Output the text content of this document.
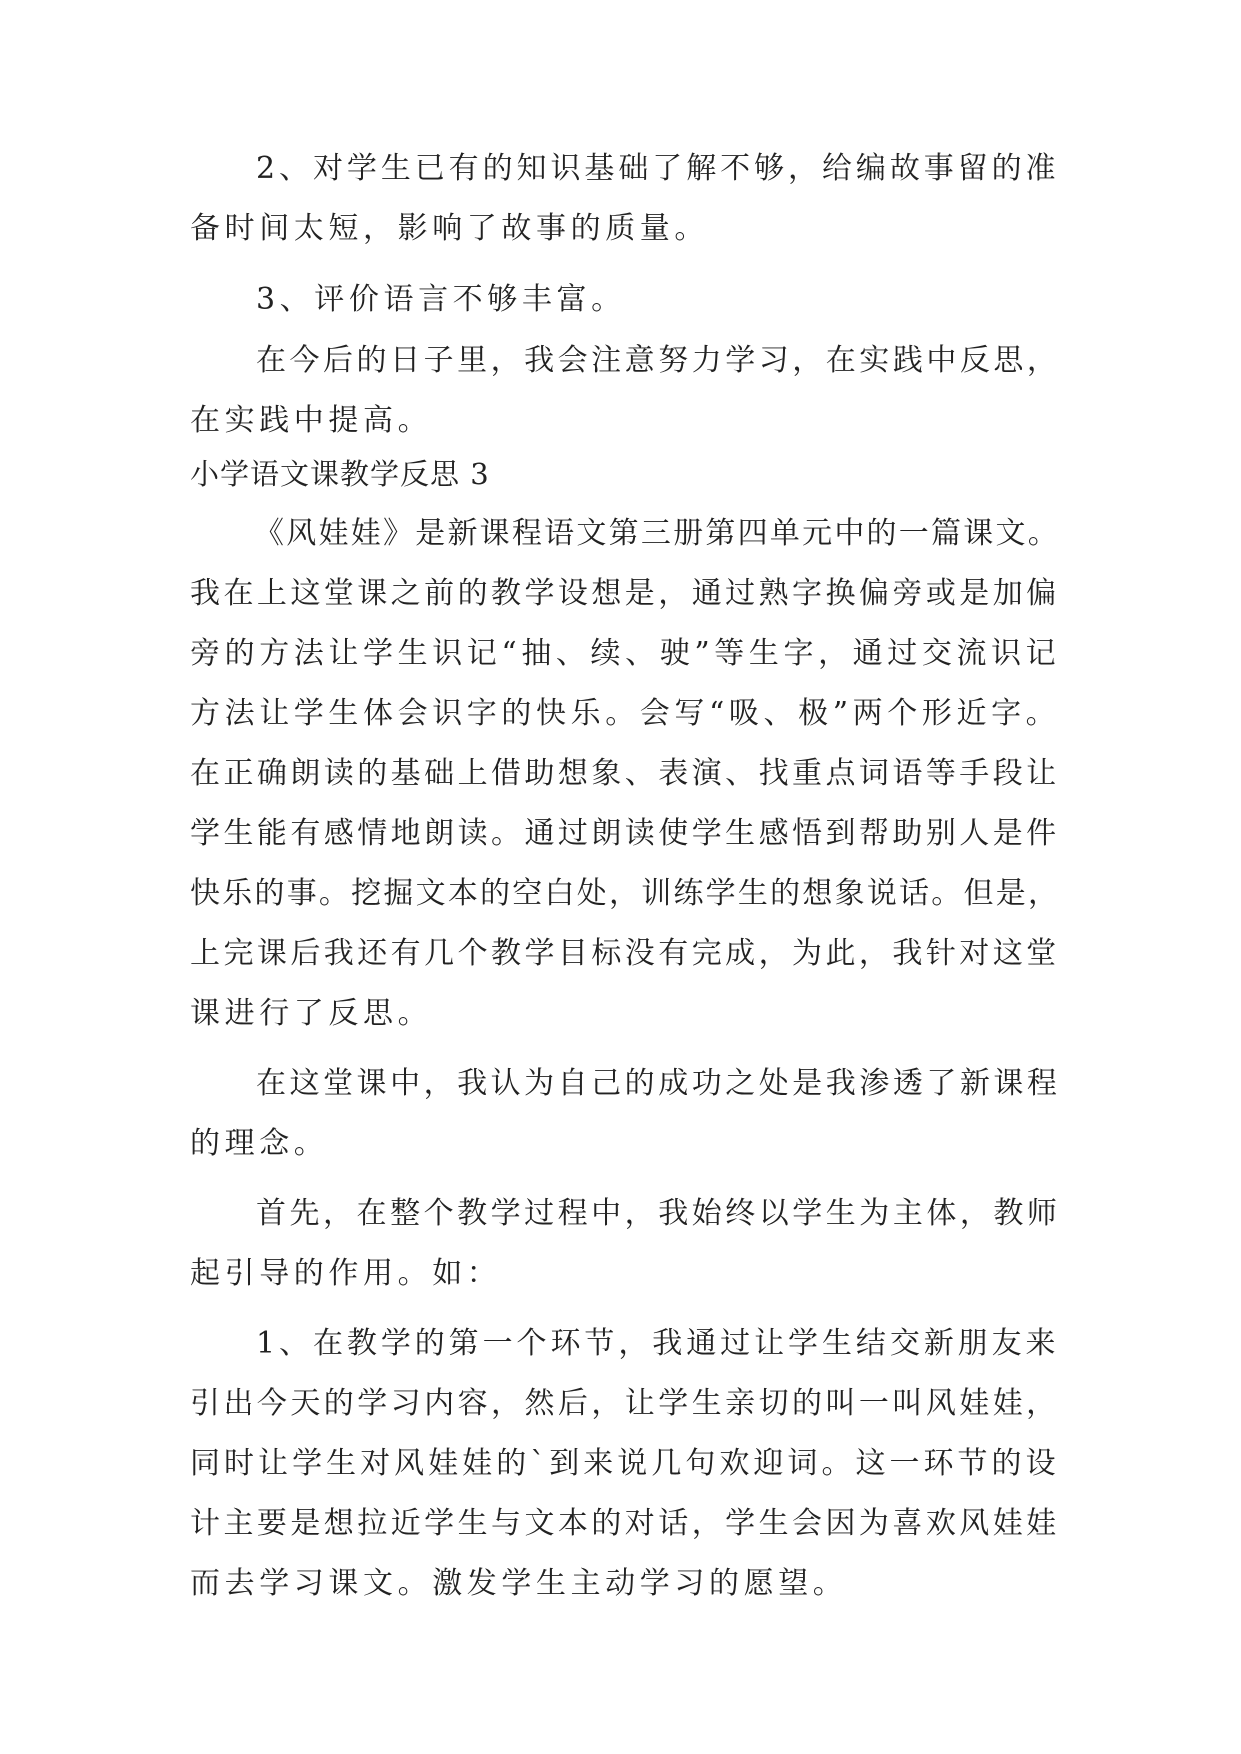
2、对学生已有的知识基础了解不够，给编故事留的准
备时间太短，影响了故事的质量。
3、评价语言不够丰富。
在今后的日子里，我会注意努力学习，在实践中反思，
在实践中提高。
小学语文课教学反思 3
《风娃娃》是新课程语文第三册第四单元中的一篇课文。
我在上这堂课之前的教学设想是，通过熟字换偏旁或是加偏
旁的方法让学生识记“抽、续、驶”等生字，通过交流识记
方法让学生体会识字的快乐。会写“吸、极”两个形近字。
在正确朗读的基础上借助想象、表演、找重点词语等手段让
学生能有感情地朗读。通过朗读使学生感悟到帮助别人是件
快乐的事。挖掘文本的空白处，训练学生的想象说话。但是，
上完课后我还有几个教学目标没有完成，为此，我针对这堂
课进行了反思。
在这堂课中，我认为自己的成功之处是我渗透了新课程
的理念。
首先，在整个教学过程中，我始终以学生为主体，教师
起引导的作用。如：
1、在教学的第一个环节，我通过让学生结交新朋友来
引出今天的学习内容，然后，让学生亲切的叫一叫风娃娃，
同时让学生对风娃娃的`到来说几句欢迎词。这一环节的设
计主要是想拉近学生与文本的对话，学生会因为喜欢风娃娃
而去学习课文。激发学生主动学习的愿望。
